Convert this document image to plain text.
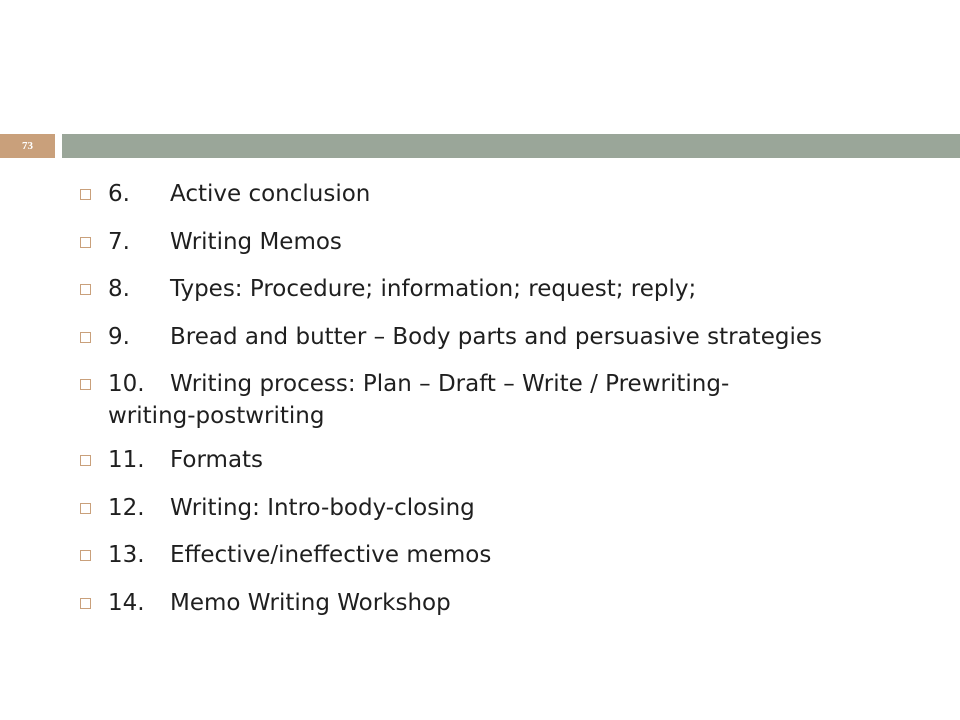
73
6.	Active conclusion
7.	Writing Memos
8.	Types: Procedure; information; request; reply;
9.	Bread and butter – Body parts and persuasive strategies
10.	Writing process: Plan – Draft – Write / Prewriting-
writing-postwriting
11.	Formats
12.	Writing: Intro-body-closing
13.	Effective/ineffective memos
14.	Memo Writing Workshop
